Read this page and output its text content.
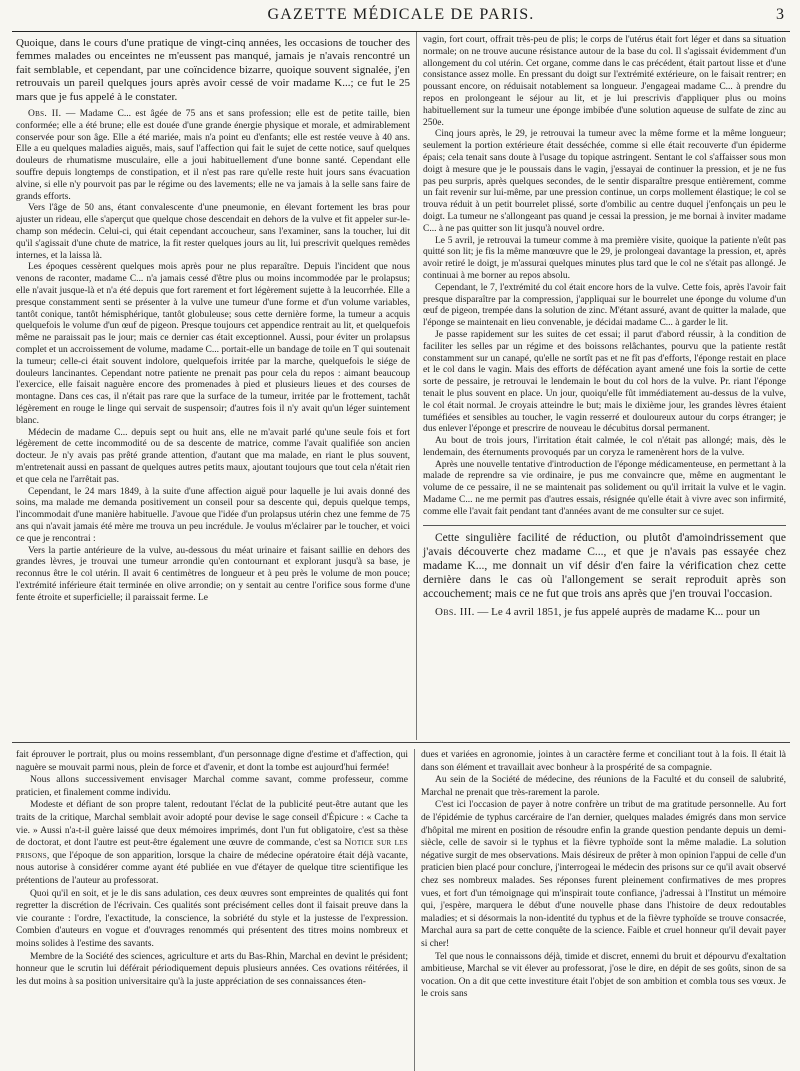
GAZETTE MÉDICALE DE PARIS.	3

Quoique, dans le cours d'une pratique de vingt-cinq années, les occasions de toucher des femmes malades ou enceintes ne m'eussent pas manqué, jamais je n'avais rencontré un fait semblable, et cependant, par une coïncidence bizarre, quoique souvent signalée, j'en retrouvais un pareil quelques jours après avoir cessé de voir madame K...; ce fut le 25 mars que je fus appelé à le constater.

Obs. II. — Madame C... est âgée de 75 ans et sans profession; elle est de petite taille, bien conformée; elle a été brune; elle est douée d'une grande énergie physique et morale, et admirablement conservée pour son âge. Elle a été mariée, mais n'a point eu d'enfants; elle est restée veuve à 40 ans. Elle a eu quelques maladies aiguës, mais, sauf l'affection qui fait le sujet de cette notice, sauf quelques douleurs de rhumatisme musculaire, elle a joui habituellement d'une bonne santé. Cependant elle souffre depuis longtemps de constipation, et il n'est pas rare qu'elle reste huit jours sans évacuation alvine, si elle n'y pourvoit pas par le régime ou des lavements; elle ne va jamais à la selle sans faire de grands efforts.

Vers l'âge de 50 ans, étant convalescente d'une pneumonie, en élevant fortement les bras pour ajuster un rideau, elle s'aperçut que quelque chose descendait en dehors de la vulve et fit appeler sur-le-champ son médecin. Celui-ci, qui était cependant accoucheur, sans l'examiner, sans la toucher, lui dit qu'il s'agissait d'une chute de matrice, la fit rester quelques jours au lit, lui prescrivit quelques remèdes internes, et la laissa là.

Les époques cessèrent quelques mois après pour ne plus reparaître. Depuis l'incident que nous venons de raconter, madame C... n'a jamais cessé d'être plus ou moins incommodée par le prolapsus; elle n'avait jusque-là et n'a été depuis que fort rarement et fort légèrement sujette à la leucorrhée. Elle a presque constamment senti se présenter à la vulve une tumeur d'une forme et d'un volume variables, tantôt conique, tantôt hémisphérique, tantôt globuleuse; sous cette dernière forme, la tumeur a acquis quelquefois le volume d'un œuf de pigeon. Presque toujours cet appendice rentrait au lit, et quelquefois même ne paraissait pas le jour; mais ce dernier cas était exceptionnel. Aussi, pour éviter un prolapsus complet et un accroissement de volume, madame C... portait-elle un bandage de toile en T qui soutenait la tumeur; celle-ci était souvent indolore, quelquefois irritée par la marche, quelquefois le siége de douleurs lancinantes. Cependant notre patiente ne prenait pas pour cela du repos : aimant beaucoup l'exercice, elle faisait naguère encore des promenades à pied et plusieurs lieues et des courses de montagne. Dans ces cas, il n'était pas rare que la surface de la tumeur, irritée par le frottement, tachât légèrement en rouge le linge qui servait de suspensoir; d'autres fois il n'y avait qu'un léger suintement blanc.

Médecin de madame C... depuis sept ou huit ans, elle ne m'avait parlé qu'une seule fois et fort légèrement de cette incommodité ou de sa descente de matrice, comme l'avait qualifiée son ancien docteur. Je n'y avais pas prêté grande attention, d'autant que ma malade, en riant le plus souvent, m'entretenait aussi en passant de quelques autres petits maux, ajoutant toujours que tout cela n'était rien et que cela ne l'arrêtait pas.

Cependant, le 24 mars 1849, à la suite d'une affection aiguë pour laquelle je lui avais donné des soins, ma malade me demanda positivement un conseil pour sa descente qui, depuis quelque temps, l'incommodait d'une manière habituelle. J'avoue que l'idée d'un prolapsus utérin chez une femme de 75 ans qui n'avait jamais été mère me trouva un peu incrédule. Je voulus m'éclairer par le toucher, et voici ce que je rencontrai :

Vers la partie antérieure de la vulve, au-dessous du méat urinaire et faisant saillie en dehors des grandes lèvres, je trouvai une tumeur arrondie qu'en contournant et explorant jusqu'à sa base, je reconnus être le col utérin. Il avait 6 centimètres de longueur et à peu près le volume de mon pouce; l'extrémité inférieure était terminée en olive arrondie; on y sentait au centre l'orifice sous forme d'une fente étroite et superficielle; il paraissait ferme. Le

vagin, fort court, offrait très-peu de plis; le corps de l'utérus était fort léger et dans sa situation normale; on ne trouve aucune résistance autour de la base du col. Il s'agissait évidemment d'un allongement du col utérin. Cet organe, comme dans le cas précédent, était partout lisse et d'une consistance assez molle. En pressant du doigt sur l'extrémité extérieure, on le faisait rentrer; en poussant encore, on réduisait notablement sa longueur. J'engageai madame C... à prendre du repos en prolongeant le séjour au lit, et je lui prescrivis d'appliquer plus ou moins habituellement sur la tumeur une éponge imbibée d'une solution aqueuse de sulfate de zinc au 250e.

Cinq jours après, le 29, je retrouvai la tumeur avec la même forme et la même longueur; seulement la portion extérieure était desséchée, comme si elle était recouverte d'un épiderme épais; cela tenait sans doute à l'usage du topique astringent. Sentant le col s'affaisser sous mon doigt à mesure que je le poussais dans le vagin, j'essayai de continuer la pression, et je ne fus pas peu surpris, après quelques secondes, de le sentir disparaître presque entièrement, comme un fait revenir sur lui-même, par une pression continue, un corps mollement élastique; le col se trouva réduit à un petit bourrelet plissé, sorte d'ombilic au centre duquel j'enfonçais un peu le doigt. La tumeur ne s'allongeant pas quand je cessai la pression, je me bornai à inviter madame C... à ne pas quitter son lit jusqu'à nouvel ordre.

Le 5 avril, je retrouvai la tumeur comme à ma première visite, quoique la patiente n'eût pas quitté son lit; je fis la même manœuvre que le 29, je prolongeai davantage la pression, et, après avoir retiré le doigt, je m'assurai quelques minutes plus tard que le col ne s'était pas allongé. Je continuai à me borner au repos absolu.

Cependant, le 7, l'extrémité du col était encore hors de la vulve. Cette fois, après l'avoir fait presque disparaître par la compression, j'appliquai sur le bourrelet une éponge du volume d'un œuf de pigeon, trempée dans la solution de zinc. M'étant assuré, avant de quitter la malade, que l'éponge se maintenait en lieu convenable, je décidai madame C... à garder le lit.

Je passe rapidement sur les suites de cet essai; il parut d'abord réussir, à la condition de faciliter les selles par un régime et des boissons relâchantes, pourvu que la patiente restât constamment sur un canapé, qu'elle ne sortît pas et ne fît pas d'efforts, l'éponge restait en place et le col dans le vagin. Mais des efforts de défécation ayant amené une fois la sortie de cette sorte de pessaire, je retrouvai le lendemain le bout du col hors de la vulve. Pr. riant l'éponge tenait le plus souvent en place. Un jour, quoiqu'elle fût immédiatement au-dessus de la vulve, le col était normal. Je croyais atteindre le but; mais le dixième jour, les grandes lèvres étaient tuméfiées et sensibles au toucher, le vagin resserré et douloureux autour du corps étranger; je dus enlever l'éponge et prescrire de nouveau le décubitus dorsal permanent.

Au bout de trois jours, l'irritation était calmée, le col n'était pas allongé; mais, dès le lendemain, des éternuments provoqués par un coryza le ramenèrent hors de la vulve.

Après une nouvelle tentative d'introduction de l'éponge médicamenteuse, en permettant à la malade de reprendre sa vie ordinaire, je pus me convaincre que, même en augmentant le volume de ce pessaire, il ne se maintenait pas solidement ou qu'il irritait la vulve et le vagin. Madame C... ne me permit pas d'autres essais, résignée qu'elle était à vivre avec son infirmité, comme elle l'avait fait pendant tant d'années avant de me consulter sur ce sujet.

Cette singulière facilité de réduction, ou plutôt d'amoindrissement que j'avais découverte chez madame C..., et que je n'avais pas essayée chez madame K..., me donnait un vif désir d'en faire la vérification chez cette dernière dans le cas où l'allongement se serait reproduit après son accouchement; mais ce ne fut que trois ans après que j'en trouvai l'occasion.

Obs. III. — Le 4 avril 1851, je fus appelé auprès de madame K... pour un

fait éprouver le portrait, plus ou moins ressemblant, d'un personnage digne d'estime et d'affection, qui naguère se mouvait parmi nous, plein de force et d'avenir, et dont la tombe est aujourd'hui fermée!

Nous allons successivement envisager Marchal comme savant, comme professeur, comme praticien, et finalement comme individu.

Modeste et défiant de son propre talent, redoutant l'éclat de la publicité peut-être autant que les traits de la critique, Marchal semblait avoir adopté pour devise le sage conseil d'Épicure : « Cache ta vie. » Aussi n'a-t-il guère laissé que deux mémoires imprimés, dont l'un fut obligatoire, c'est sa thèse de doctorat, et dont l'autre est peut-être également une œuvre de commande, c'est sa Notice sur les prisons, que l'époque de son apparition, lorsque la chaire de médecine opératoire était déjà vacante, nous autorise à considérer comme ayant été publiée en vue d'étayer de quelque titre scientifique les prétentions de l'auteur au professorat.

Quoi qu'il en soit, et je le dis sans adulation, ces deux œuvres sont empreintes de qualités qui font regretter la discrétion de l'écrivain. Ces qualités sont précisément celles dont il faisait preuve dans la vie courante : l'ordre, l'exactitude, la conscience, la sobriété du style et la justesse de l'expression. Combien d'auteurs en vogue et d'ouvrages renommés qui présentent des titres moins nombreux et moins solides à l'estime des savants.

Membre de la Société des sciences, agriculture et arts du Bas-Rhin, Marchal en devint le président; honneur que le scrutin lui déférait périodiquement depuis plusieurs années. Ces ovations réitérées, il les dut moins à sa position universitaire qu'à la juste appréciation de ses connaissances éten-

dues et variées en agronomie, jointes à un caractère ferme et conciliant tout à la fois. Il était là dans son élément et travaillait avec bonheur à la prospérité de sa compagnie.

Au sein de la Société de médecine, des réunions de la Faculté et du conseil de salubrité, Marchal ne prenait que très-rarement la parole.

C'est ici l'occasion de payer à notre confrère un tribut de ma gratitude personnelle. Au fort de l'épidémie de typhus carcéraire de l'an dernier, quelques malades émigrés dans mon service d'hôpital me mirent en position de résoudre enfin la grande question pendante depuis un demi-siècle, celle de savoir si le typhus et la fièvre typhoïde sont la même maladie. La solution négative surgit de mes observations. Mais désireux de prêter à mon opinion l'appui de celle d'un praticien bien placé pour conclure, j'interrogeai le médecin des prisons sur ce qu'il avait observé chez ses nombreux malades. Ses réponses furent pleinement confirmatives de mes propres vues, et fort d'un témoignage qui m'inspirait toute confiance, j'adressai à l'Institut un mémoire qui, j'espère, marquera le début d'une nouvelle phase dans l'histoire de deux redoutables maladies; et si désormais la non-identité du typhus et de la fièvre typhoïde se trouve consacrée, Marchal aura sa part de cette conquête de la science. Faible et cruel honneur qu'il devait payer si cher!

Tel que nous le connaissons déjà, timide et discret, ennemi du bruit et dépourvu d'exaltation ambitieuse, Marchal se vit élever au professorat, j'ose le dire, en dépit de ses goûts, sinon de sa vocation. On a dit que cette investiture était l'objet de son ambition et combla tous ses vœux. Je le crois sans
